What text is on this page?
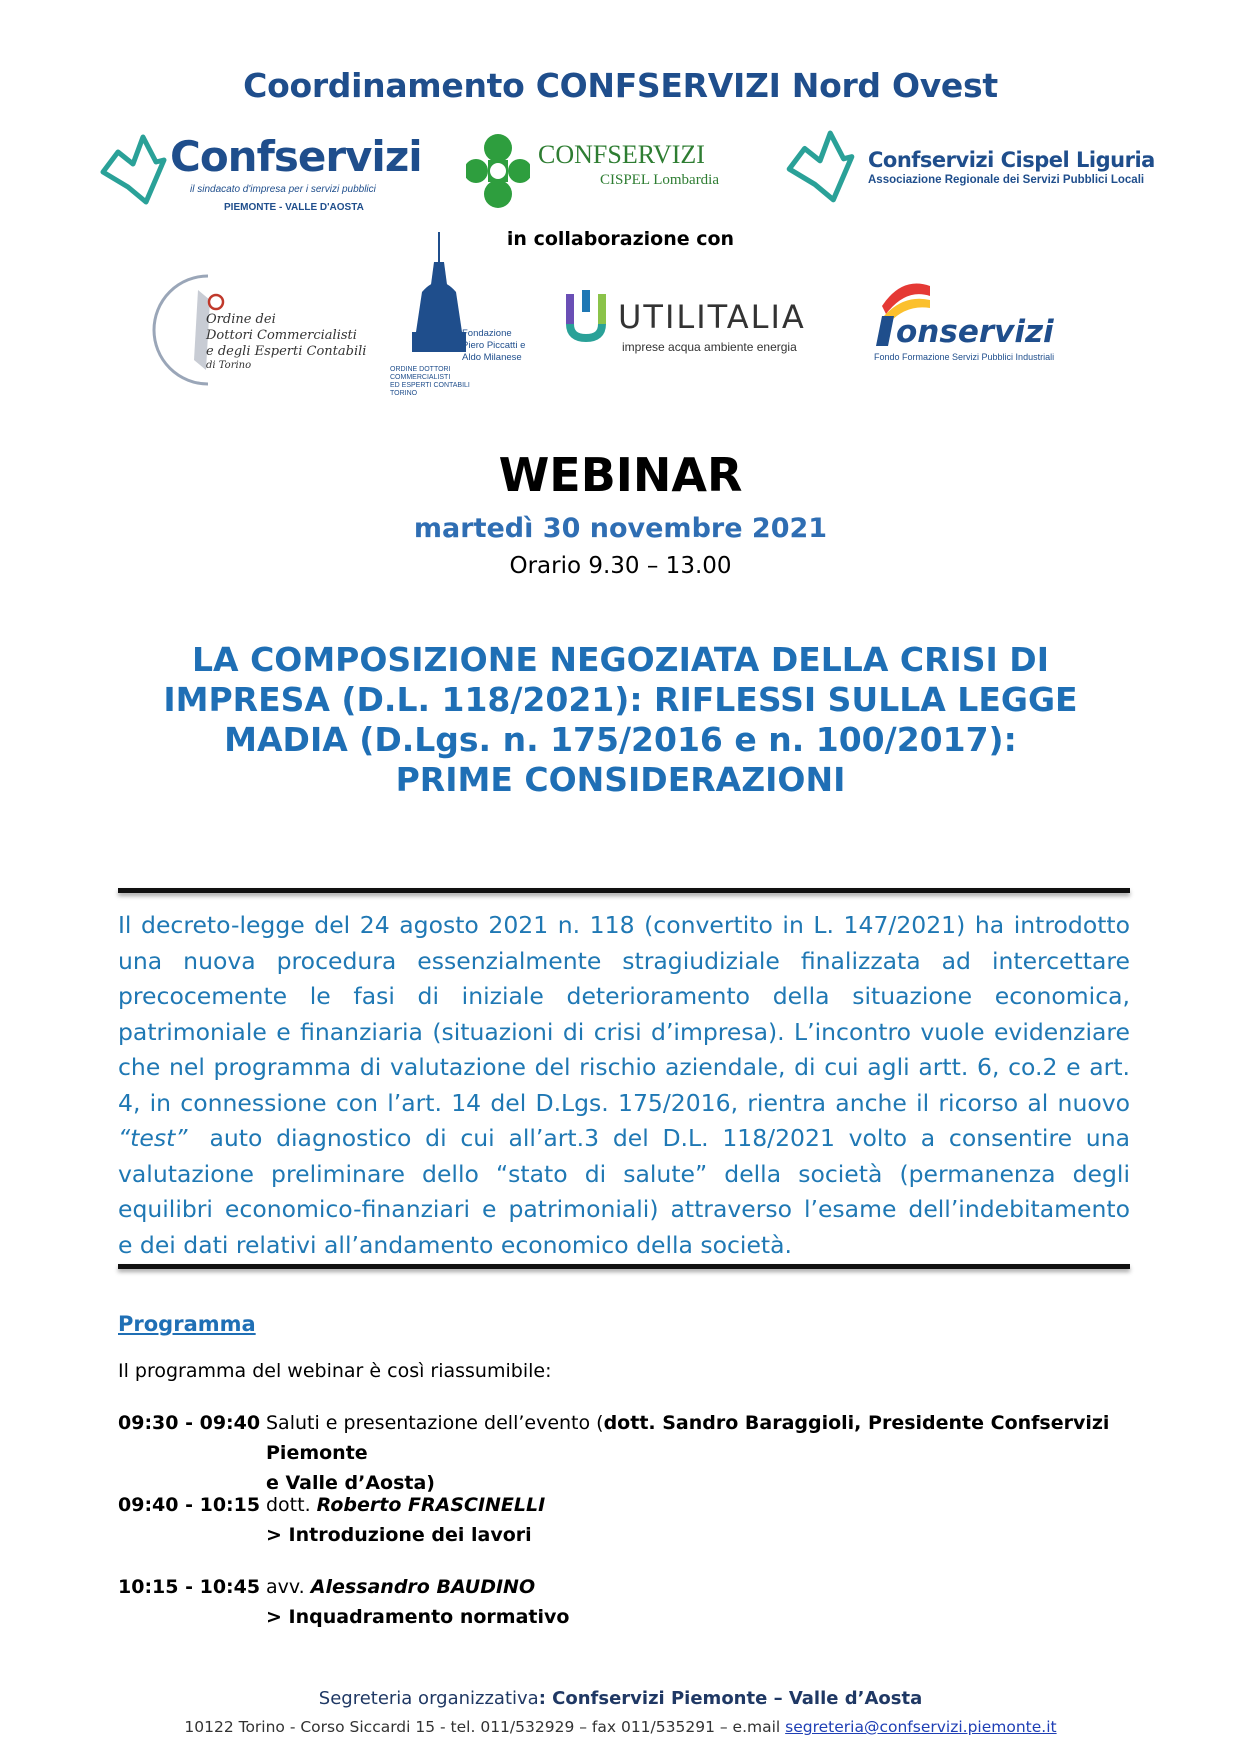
Coordinamento CONFSERVIZI Nord Ovest
Confservizi
il sindacato d'impresa per i servizi pubblici
PIEMONTE - VALLE D'AOSTA
CONFSERVIZI
CISPEL Lombardia
Confservizi Cispel Liguria
Associazione Regionale dei Servizi Pubblici Locali
in collaborazione con
Ordine dei
Dottori Commercialisti
e degli Esperti Contabili
di Torino
Fondazione
Piero Piccatti e
Aldo Milanese
ORDINE DOTTORI
COMMERCIALISTI
ED ESPERTI CONTABILI
TORINO
UTILITALIA
imprese acqua ambiente energia	onservizi
Fondo Formazione Servizi Pubblici Industriali
WEBINAR
martedì 30 novembre 2021
Orario 9.30 – 13.00
LA COMPOSIZIONE NEGOZIATA DELLA CRISI DI
IMPRESA (D.L. 118/2021): RIFLESSI SULLA LEGGE
MADIA (D.Lgs. n. 175/2016 e n. 100/2017):
PRIME CONSIDERAZIONI
Il decreto-legge del 24 agosto 2021 n. 118 (convertito in L. 147/2021) ha introdotto
una nuova procedura essenzialmente stragiudiziale finalizzata ad intercettare
precocemente le fasi di iniziale deterioramento della situazione economica,
patrimoniale e finanziaria (situazioni di crisi d’impresa). L’incontro vuole evidenziare
che nel programma di valutazione del rischio aziendale, di cui agli artt. 6, co.2 e art.
4, in connessione con l’art. 14 del D.Lgs. 175/2016, rientra anche il ricorso al nuovo
“test” auto diagnostico di cui all’art.3 del D.L. 118/2021 volto a consentire una
valutazione preliminare dello “stato di salute” della società (permanenza degli
equilibri economico-finanziari e patrimoniali) attraverso l’esame dell’indebitamento
e dei dati relativi all’andamento economico della società.
Programma
Il programma del webinar è così riassumibile:
09:30 - 09:40 Saluti e presentazione dell’evento (dott. Sandro Baraggioli, Presidente Confservizi Piemonte
e Valle d’Aosta)
09:40 - 10:15 dott. Roberto FRASCINELLI
> Introduzione dei lavori
10:15 - 10:45 avv. Alessandro BAUDINO
> Inquadramento normativo
Segreteria organizzativa: Confservizi Piemonte – Valle d’Aosta
10122 Torino - Corso Siccardi 15 - tel. 011/532929 – fax 011/535291 – e.mail segreteria@confservizi.piemonte.it
